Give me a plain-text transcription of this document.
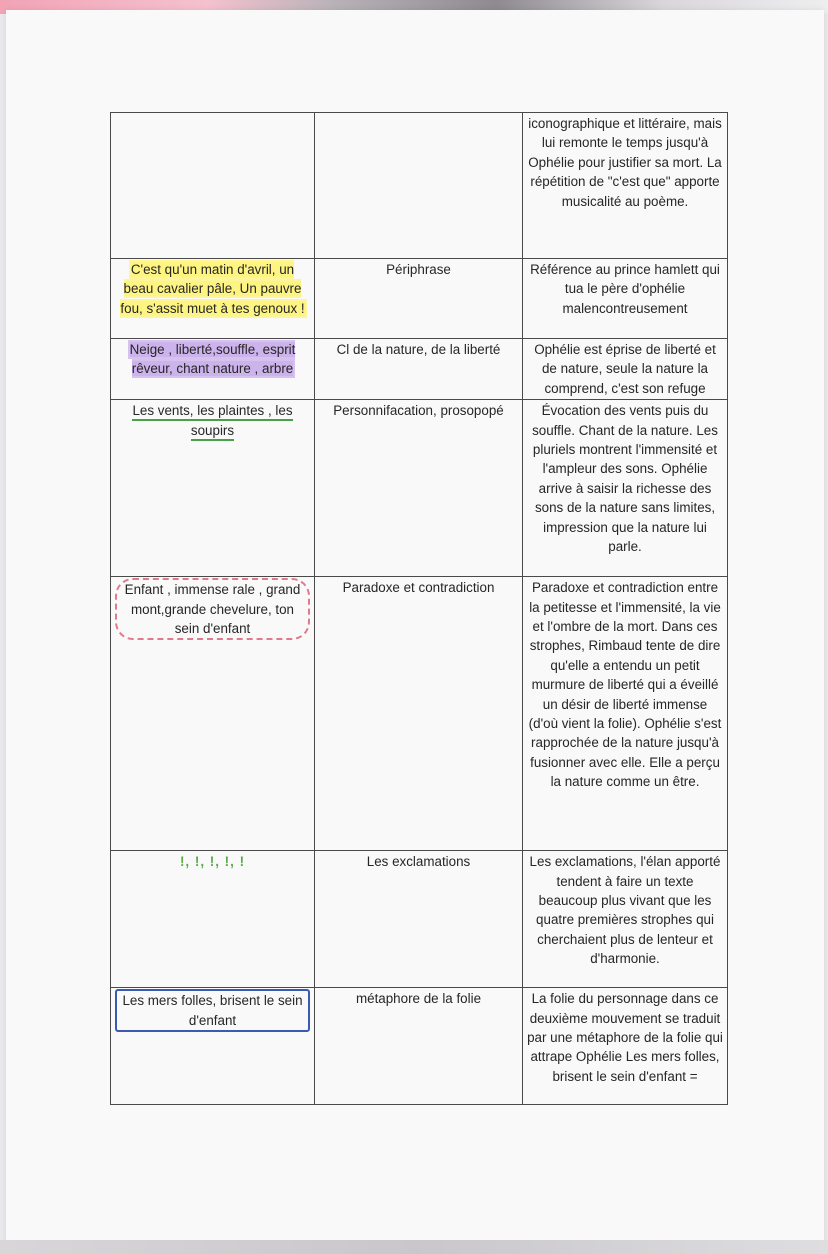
		iconographique et littéraire, mais lui remonte le temps jusqu'à Ophélie pour justifier sa mort. La répétition de "c'est que" apporte musicalité au poème.
C'est qu'un matin d'avril, un beau cavalier pâle, Un pauvre fou, s'assit muet à tes genoux !	Périphrase	Référence au prince hamlett qui tua le père d'ophélie malencontreusement
Neige , liberté,souffle, esprit rêveur, chant nature , arbre	Cl de la nature, de la liberté	Ophélie est éprise de liberté et de nature, seule la nature la comprend, c'est son refuge
Les vents, les plaintes , les soupirs	Personnifacation, prosopopé	Évocation des vents puis du souffle. Chant de la nature. Les pluriels montrent l'immensité et l'ampleur des sons. Ophélie arrive à saisir la richesse des sons de la nature sans limites, impression que la nature lui parle.
Enfant , immense rale , grand mont,grande chevelure, ton sein d'enfant	Paradoxe et contradiction	Paradoxe et contradiction entre la petitesse et l'immensité, la vie et l'ombre de la mort. Dans ces strophes, Rimbaud tente de dire qu'elle a entendu un petit murmure de liberté qui a éveillé un désir de liberté immense (d'où vient la folie). Ophélie s'est rapprochée de la nature jusqu'à fusionner avec elle. Elle a perçu la nature comme un être.
!, !, !, !, !	Les exclamations	Les exclamations, l'élan apporté tendent à faire un texte beaucoup plus vivant que les quatre premières strophes qui cherchaient plus de lenteur et d'harmonie.
Les mers folles, brisent le sein d'enfant	métaphore de la folie	La folie du personnage dans ce deuxième mouvement se traduit par une métaphore de la folie qui attrape Ophélie Les mers folles, brisent le sein d'enfant =
